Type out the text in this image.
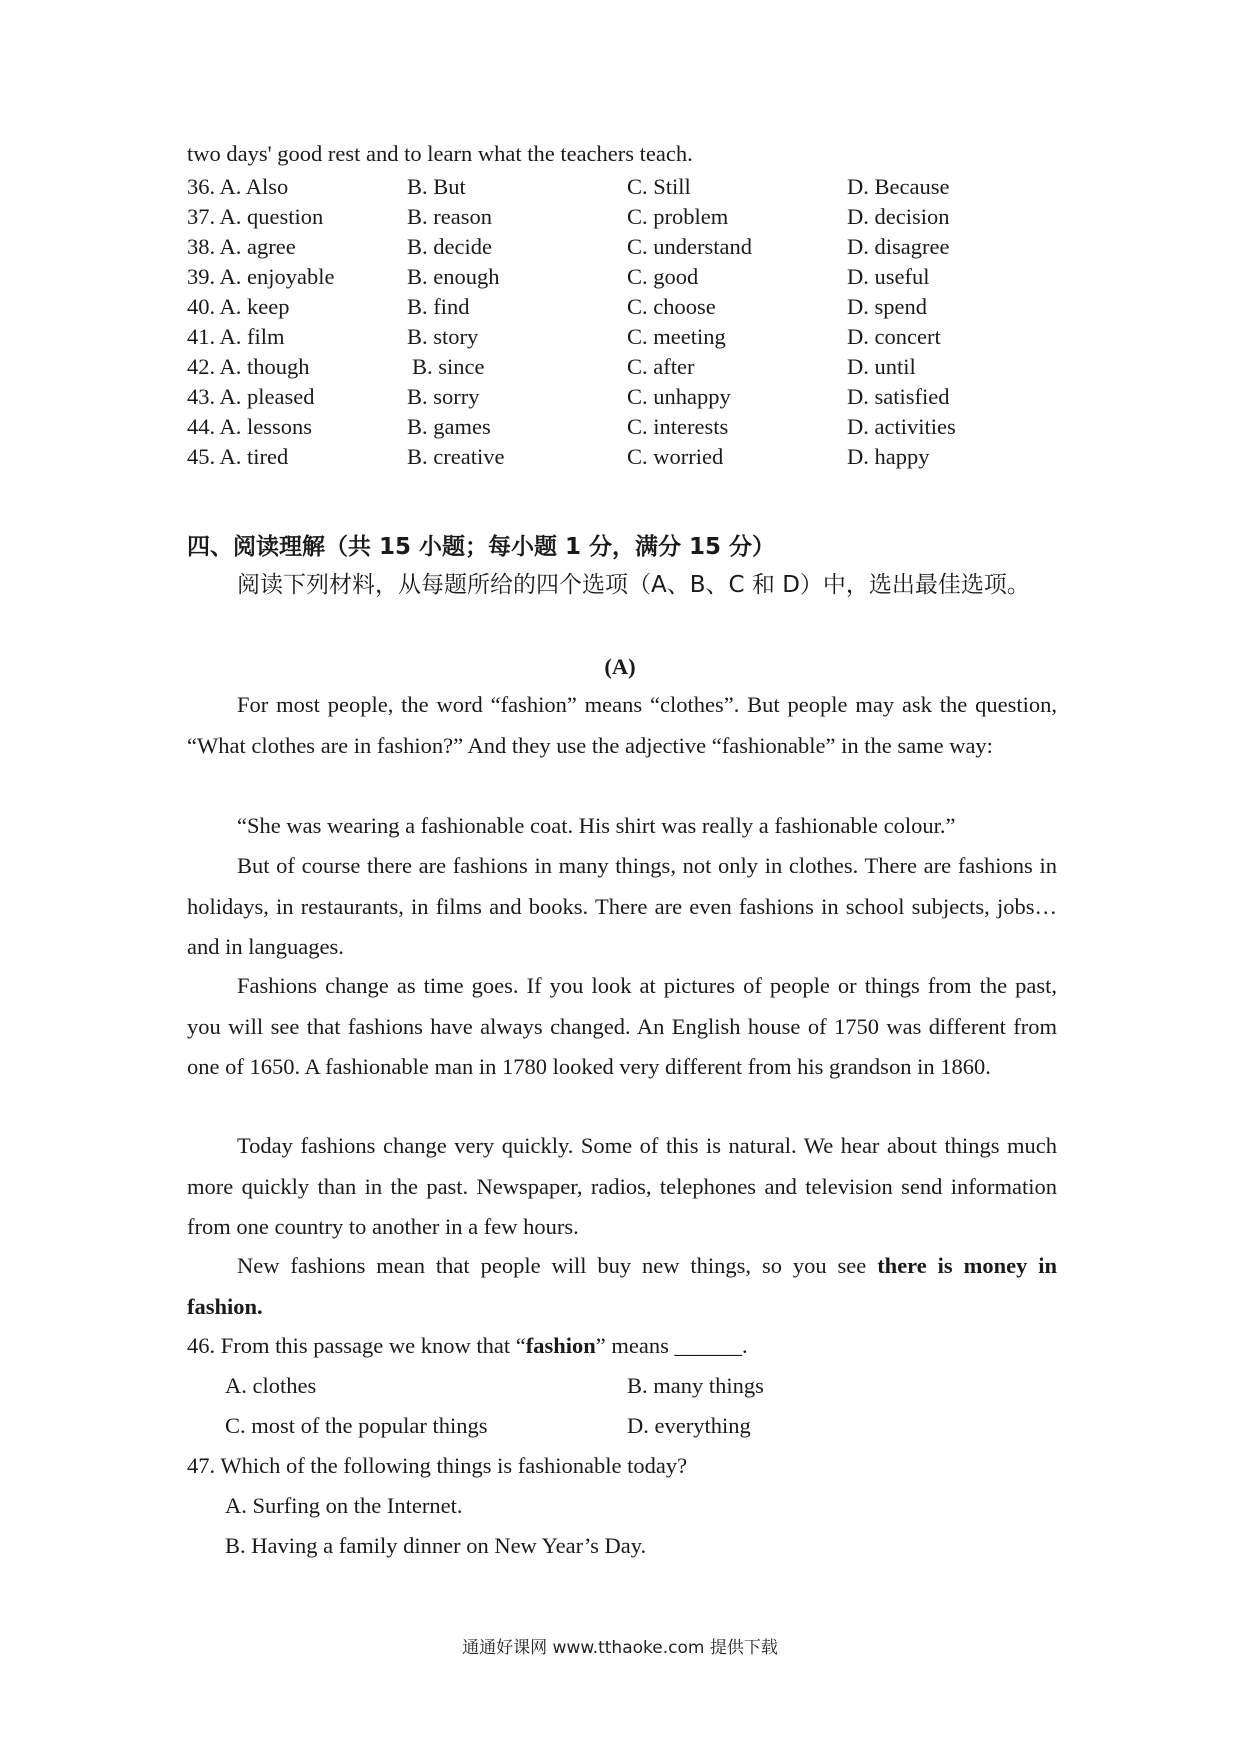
two days' good rest and to learn what the teachers teach.
36. A. Also	B. But	C. Still	D. Because
37. A. question	B. reason	C. problem	D. decision
38. A. agree	B. decide	C. understand	D. disagree
39. A. enjoyable	B. enough	C. good	D. useful
40. A. keep	B. find	C. choose	D. spend
41. A. film	B. story	C. meeting	D. concert
42. A. though	B. since	C. after	D. until
43. A. pleased	B. sorry	C. unhappy	D. satisfied
44. A. lessons	B. games	C. interests	D. activities
45. A. tired	B. creative	C. worried	D. happy
四、阅读理解（共 15 小题；每小题 1 分，满分 15 分）
阅读下列材料，从每题所给的四个选项（A、B、C 和 D）中，选出最佳选项。
(A)
For most people, the word “fashion” means “clothes”. But people may ask the question, “What clothes are in fashion?” And they use the adjective “fashionable” in the same way:
“She was wearing a fashionable coat. His shirt was really a fashionable colour.”
But of course there are fashions in many things, not only in clothes. There are fashions in holidays, in restaurants, in films and books. There are even fashions in school subjects, jobs…and in languages.
Fashions change as time goes. If you look at pictures of people or things from the past, you will see that fashions have always changed. An English house of 1750 was different from one of 1650. A fashionable man in 1780 looked very different from his grandson in 1860.
Today fashions change very quickly. Some of this is natural. We hear about things much more quickly than in the past. Newspaper, radios, telephones and television send information from one country to another in a few hours.
New fashions mean that people will buy new things, so you see there is money in fashion.
46. From this passage we know that “fashion” means ______.
A. clothes	B. many things
C. most of the popular things	D. everything
47. Which of the following things is fashionable today?
A. Surfing on the Internet.
B. Having a family dinner on New Year’s Day.
通通好课网 www.tthaoke.com 提供下载
